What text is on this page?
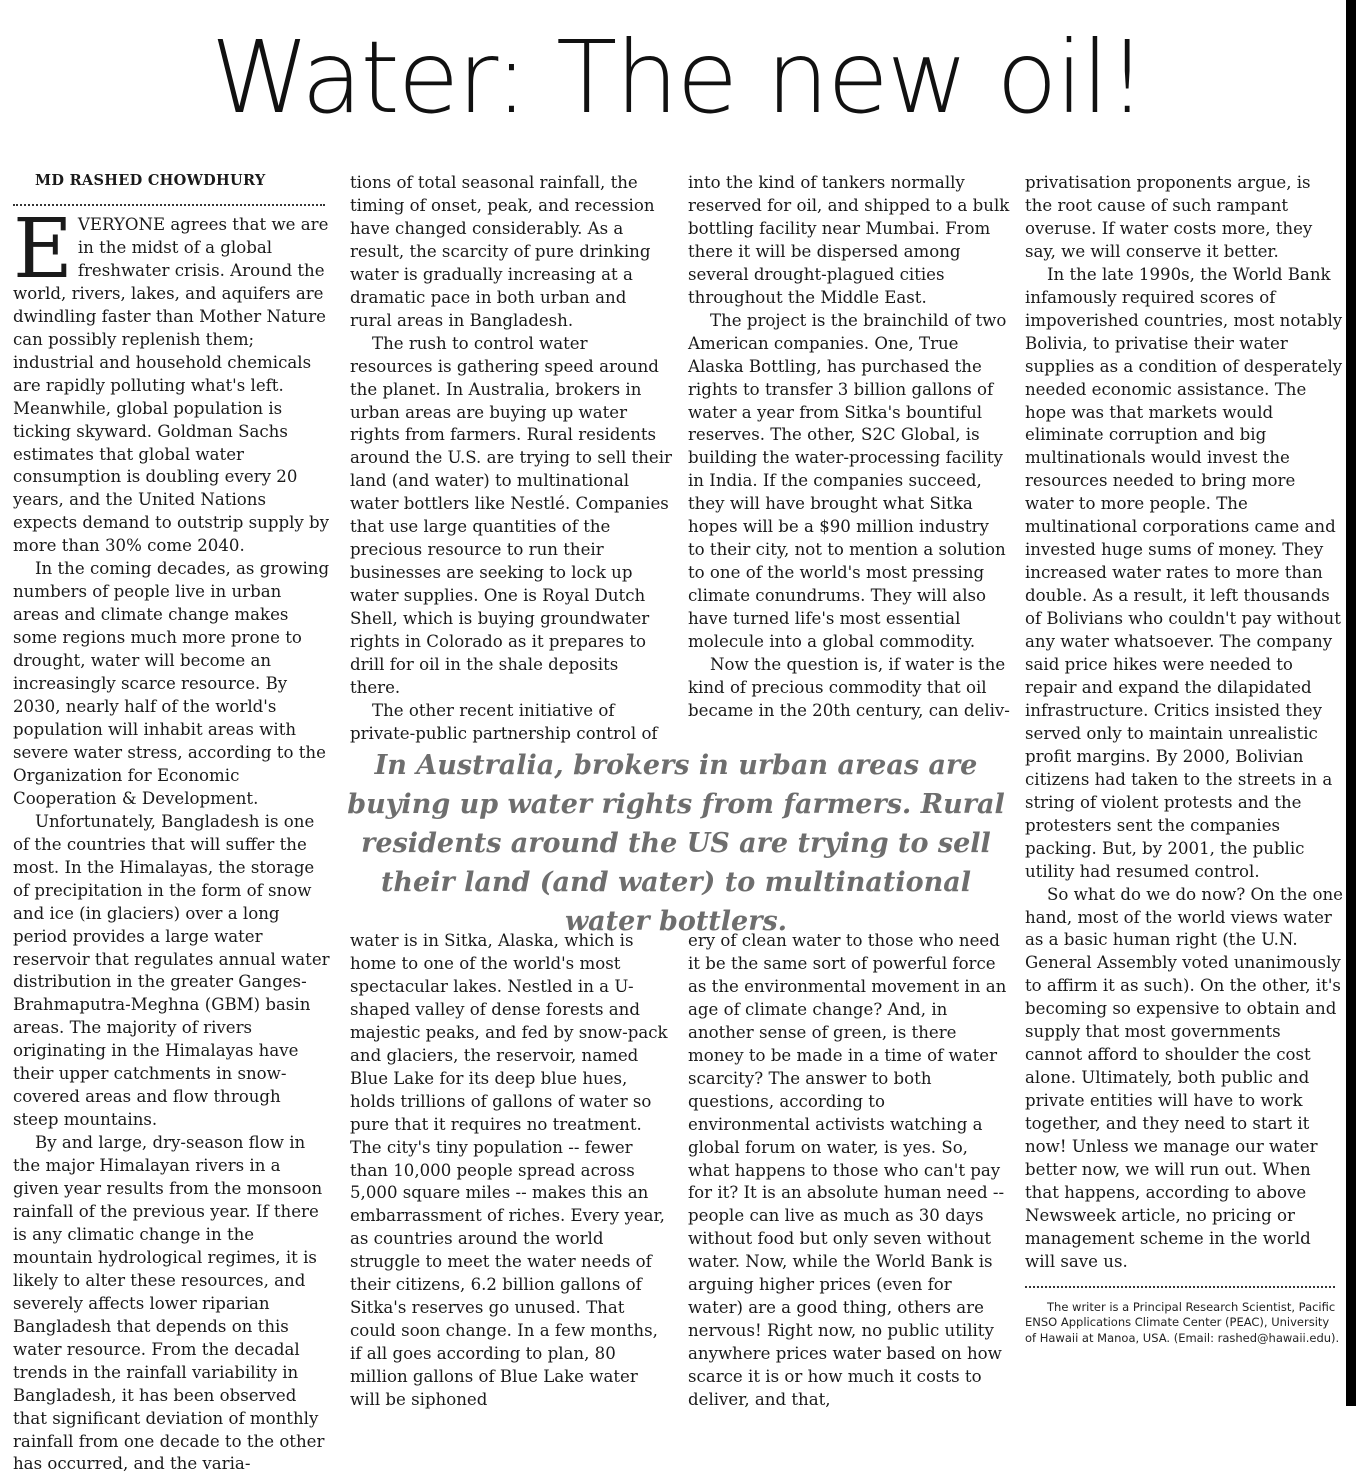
Water: The new oil!

MD RASHED CHOWDHURY

EVERYONE agrees that we are in the midst of a global freshwater crisis. Around the world, rivers, lakes, and aquifers are dwindling faster than Mother Nature can possibly replenish them; industrial and household chemicals are rapidly polluting what's left. Meanwhile, global population is ticking skyward. Goldman Sachs estimates that global water consumption is doubling every 20 years, and the United Nations expects demand to outstrip supply by more than 30% come 2040.

In the coming decades, as growing numbers of people live in urban areas and climate change makes some regions much more prone to drought, water will become an increasingly scarce resource. By 2030, nearly half of the world's population will inhabit areas with severe water stress, according to the Organization for Economic Cooperation & Development.

Unfortunately, Bangladesh is one of the countries that will suffer the most. In the Himalayas, the storage of precipitation in the form of snow and ice (in glaciers) over a long period provides a large water reservoir that regulates annual water distribution in the greater Ganges-Brahmaputra-Meghna (GBM) basin areas. The majority of rivers originating in the Himalayas have their upper catchments in snow-covered areas and flow through steep mountains.

By and large, dry-season flow in the major Himalayan rivers in a given year results from the monsoon rainfall of the previous year. If there is any climatic change in the mountain hydrological regimes, it is likely to alter these resources, and severely affects lower riparian Bangladesh that depends on this water resource. From the decadal trends in the rainfall variability in Bangladesh, it has been observed that significant deviation of monthly rainfall from one decade to the other has occurred, and the varia-

tions of total seasonal rainfall, the timing of onset, peak, and recession have changed considerably. As a result, the scarcity of pure drinking water is gradually increasing at a dramatic pace in both urban and rural areas in Bangladesh.

The rush to control water resources is gathering speed around the planet. In Australia, brokers in urban areas are buying up water rights from farmers. Rural residents around the U.S. are trying to sell their land (and water) to multinational water bottlers like Nestlé. Companies that use large quantities of the precious resource to run their businesses are seeking to lock up water supplies. One is Royal Dutch Shell, which is buying groundwater rights in Colorado as it prepares to drill for oil in the shale deposits there.

The other recent initiative of private-public partnership control of

into the kind of tankers normally reserved for oil, and shipped to a bulk bottling facility near Mumbai. From there it will be dispersed among several drought-plagued cities throughout the Middle East.

The project is the brainchild of two American companies. One, True Alaska Bottling, has purchased the rights to transfer 3 billion gallons of water a year from Sitka's bountiful reserves. The other, S2C Global, is building the water-processing facility in India. If the companies succeed, they will have brought what Sitka hopes will be a $90 million industry to their city, not to mention a solution to one of the world's most pressing climate conundrums. They will also have turned life's most essential molecule into a global commodity.

Now the question is, if water is the kind of precious commodity that oil became in the 20th century, can deliv-

In Australia, brokers in urban areas are buying up water rights from farmers. Rural residents around the US are trying to sell their land (and water) to multinational water bottlers.

water is in Sitka, Alaska, which is home to one of the world's most spectacular lakes. Nestled in a U-shaped valley of dense forests and majestic peaks, and fed by snow-pack and glaciers, the reservoir, named Blue Lake for its deep blue hues, holds trillions of gallons of water so pure that it requires no treatment. The city's tiny population -- fewer than 10,000 people spread across 5,000 square miles -- makes this an embarrassment of riches. Every year, as countries around the world struggle to meet the water needs of their citizens, 6.2 billion gallons of Sitka's reserves go unused. That could soon change. In a few months, if all goes according to plan, 80 million gallons of Blue Lake water will be siphoned

ery of clean water to those who need it be the same sort of powerful force as the environmental movement in an age of climate change? And, in another sense of green, is there money to be made in a time of water scarcity? The answer to both questions, according to environmental activists watching a global forum on water, is yes. So, what happens to those who can't pay for it? It is an absolute human need -- people can live as much as 30 days without food but only seven without water. Now, while the World Bank is arguing higher prices (even for water) are a good thing, others are nervous! Right now, no public utility anywhere prices water based on how scarce it is or how much it costs to deliver, and that,

privatisation proponents argue, is the root cause of such rampant overuse. If water costs more, they say, we will conserve it better.

In the late 1990s, the World Bank infamously required scores of impoverished countries, most notably Bolivia, to privatise their water supplies as a condition of desperately needed economic assistance. The hope was that markets would eliminate corruption and big multinationals would invest the resources needed to bring more water to more people. The multinational corporations came and invested huge sums of money. They increased water rates to more than double. As a result, it left thousands of Bolivians who couldn't pay without any water whatsoever. The company said price hikes were needed to repair and expand the dilapidated infrastructure. Critics insisted they served only to maintain unrealistic profit margins. By 2000, Bolivian citizens had taken to the streets in a string of violent protests and the protesters sent the companies packing. But, by 2001, the public utility had resumed control.

So what do we do now? On the one hand, most of the world views water as a basic human right (the U.N. General Assembly voted unanimously to affirm it as such). On the other, it's becoming so expensive to obtain and supply that most governments cannot afford to shoulder the cost alone. Ultimately, both public and private entities will have to work together, and they need to start it now! Unless we manage our water better now, we will run out. When that happens, according to above Newsweek article, no pricing or management scheme in the world will save us.

The writer is a Principal Research Scientist, Pacific ENSO Applications Climate Center (PEAC), University of Hawaii at Manoa, USA. (Email: rashed@hawaii.edu).
